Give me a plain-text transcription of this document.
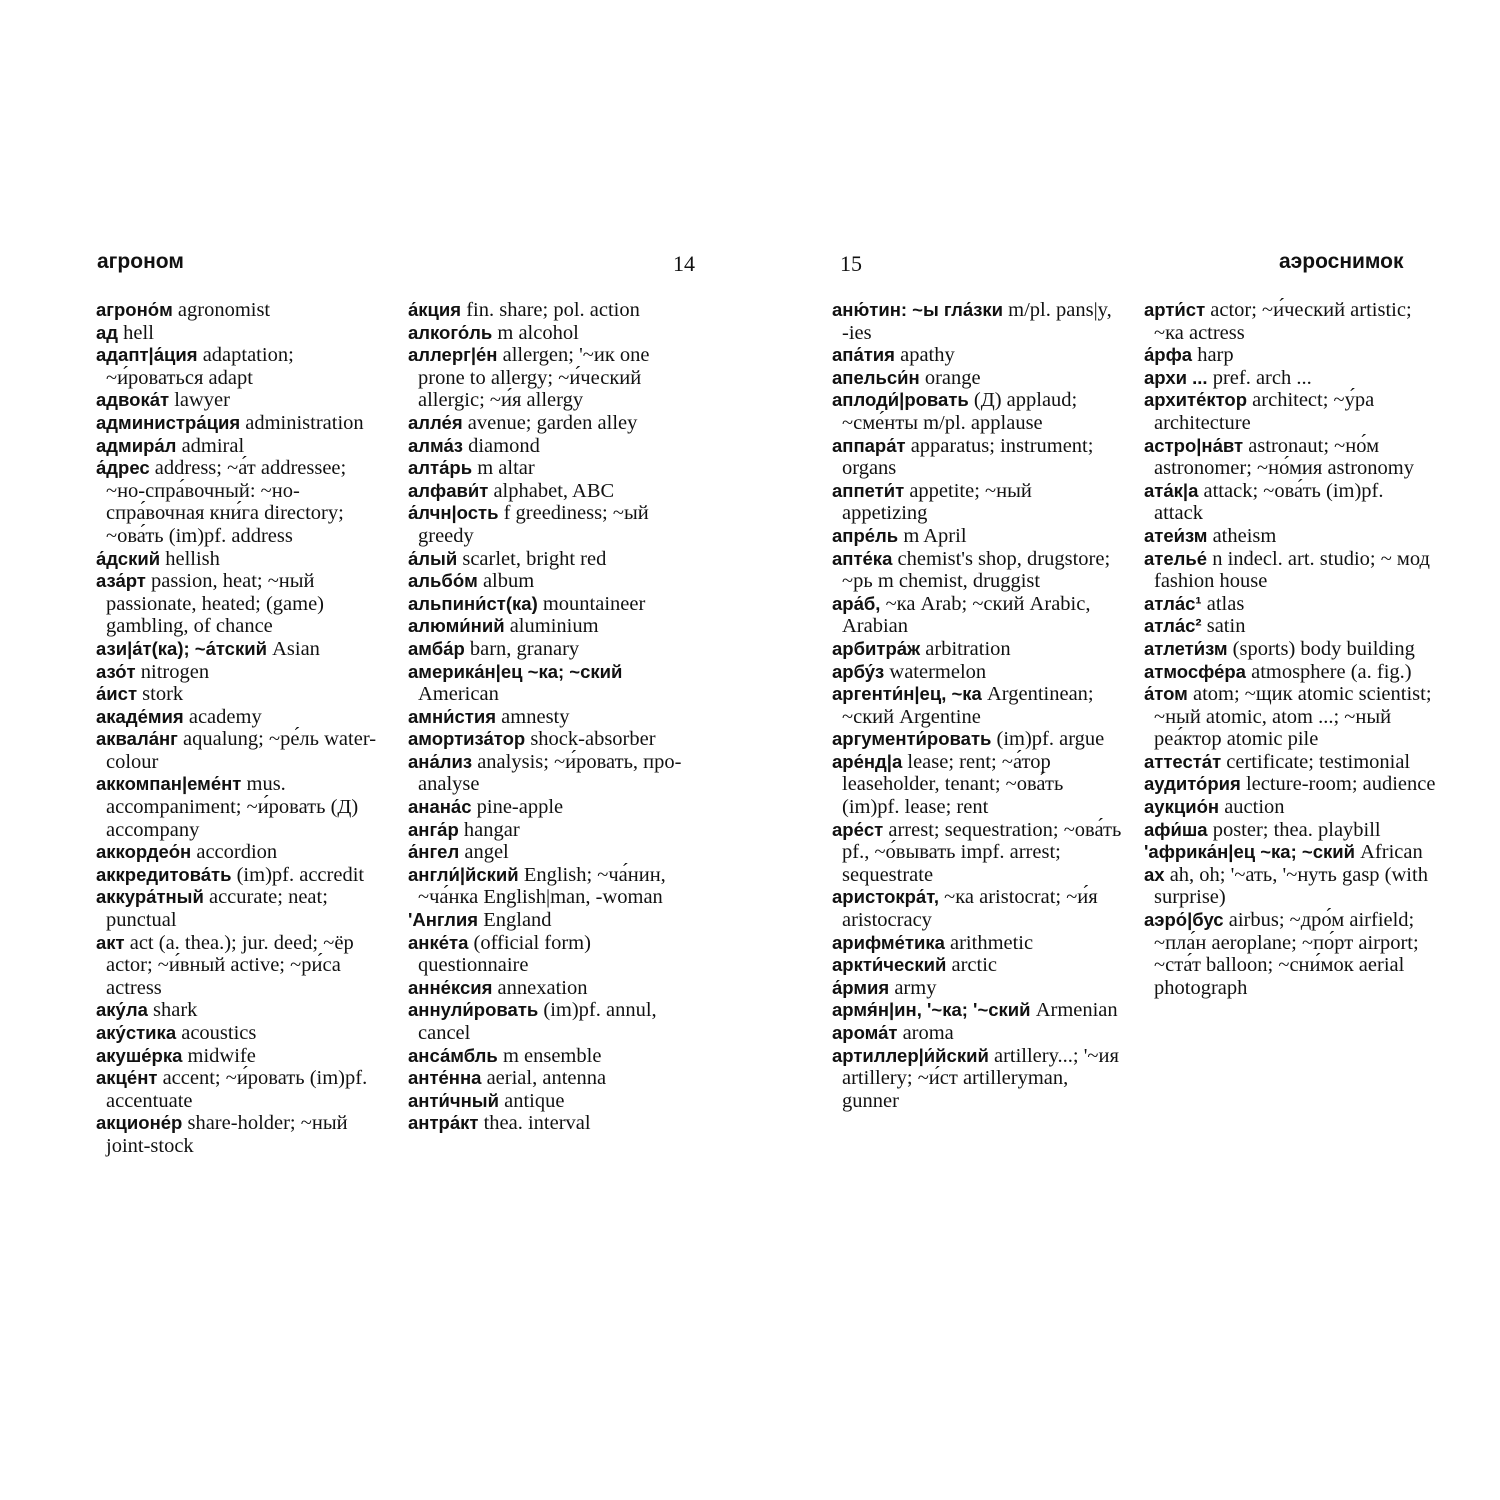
агроном	14

агроно́м agronomist

ад hell

адапт|а́ция adaptation; ~и́роваться adapt

адвока́т lawyer

администра́ция administration

адмира́л admiral

а́дрес address; ~а́т addressee; ~но-спра́вочный: ~но-спра́вочная кни́га directory; ~ова́ть (im)pf. address

а́дский hellish

аза́рт passion, heat; ~ный passionate, heated; (game) gambling, of chance

ази|а́т(ка); ~а́тский Asian

азо́т nitrogen

а́ист stork

акаде́мия academy

аквала́нг aqualung; ~ре́ль water-colour

аккомпан|еме́нт mus. accompaniment; ~и́ровать (Д) accompany

аккордео́н accordion

аккредитова́ть (im)pf. accredit

аккура́тный accurate; neat; punctual

акт act (a. thea.); jur. deed; ~ёр actor; ~и́вный active; ~ри́са actress

аку́ла shark

аку́стика acoustics

акуше́рка midwife

акце́нт accent; ~и́ровать (im)pf. accentuate

акционе́р share-holder; ~ный joint-stock

а́кция fin. share; pol. action

алкого́ль m alcohol

аллерг|е́н allergen; '~ик one prone to allergy; ~и́ческий allergic; ~и́я allergy

алле́я avenue; garden alley

алма́з diamond

алта́рь m altar

алфави́т alphabet, ABC

а́лчн|ость f greediness; ~ый greedy

а́лый scarlet, bright red

альбо́м album

альпини́ст(ка) mountaineer

алюми́ний aluminium

амба́р barn, granary

америка́н|ец ~ка; ~ский American

амни́стия amnesty

амортиза́тор shock-absorber

ана́лиз analysis; ~и́ровать, про- analyse

анана́с pine-apple

анга́р hangar

а́нгел angel

англи́|йский English; ~ча́нин, ~ча́нка English|man, -woman

'Англия England

анке́та (official form) questionnaire

анне́ксия annexation

аннули́ровать (im)pf. annul, cancel

анса́мбль m ensemble

анте́нна aerial, antenna

анти́чный antique

антра́кт thea. interval

15	аэроснимок

аню́тин: ~ы гла́зки m/pl. pans|y, -ies

апа́тия apathy

апельси́н orange

аплоди́|ровать (Д) applaud; ~сме́нты m/pl. applause

аппара́т apparatus; instrument; organs

аппети́т appetite; ~ный appetizing

апре́ль m April

апте́ка chemist's shop, drugstore; ~рь m chemist, druggist

ара́б, ~ка Arab; ~ский Arabic, Arabian

арбитра́ж arbitration

арбу́з watermelon

аргенти́н|ец, ~ка Argentinean; ~ский Argentine

аргументи́ровать (im)pf. argue

аре́нд|а lease; rent; ~а́тор leaseholder, tenant; ~ова́ть (im)pf. lease; rent

аре́ст arrest; sequestration; ~ова́ть pf., ~о́вывать impf. arrest; sequestrate

аристокра́т, ~ка aristocrat; ~и́я aristocracy

арифме́тика arithmetic

аркти́ческий arctic

а́рмия army

армя́н|ин, '~ка; '~ский Armenian

арома́т aroma

артиллер|и́йский artillery...; '~ия artillery; ~и́ст artilleryman, gunner

арти́ст actor; ~и́ческий artistic; ~ка actress

а́рфа harp

архи ... pref. arch ...

архите́ктор architect; ~у́ра architecture

астро|на́вт astronaut; ~но́м astronomer; ~но́мия astronomy

ата́к|а attack; ~ова́ть (im)pf. attack

атеи́зм atheism

ателье́ n indecl. art. studio; ~ мод fashion house

атла́с¹ atlas

атла́с² satin

атлети́зм (sports) body building

атмосфе́ра atmosphere (a. fig.)

а́том atom; ~щик atomic scientist; ~ный atomic, atom ...; ~ный реа́ктор atomic pile

аттеста́т certificate; testimonial

аудито́рия lecture-room; audience

аукцио́н auction

афи́ша poster; thea. playbill

'африка́н|ец ~ка; ~ский African

ах ah, oh; '~ать, '~нуть gasp (with surprise)

аэро́|бус airbus; ~дро́м airfield; ~пла́н aeroplane; ~по́рт airport; ~ста́т balloon; ~сни́мок aerial photograph
